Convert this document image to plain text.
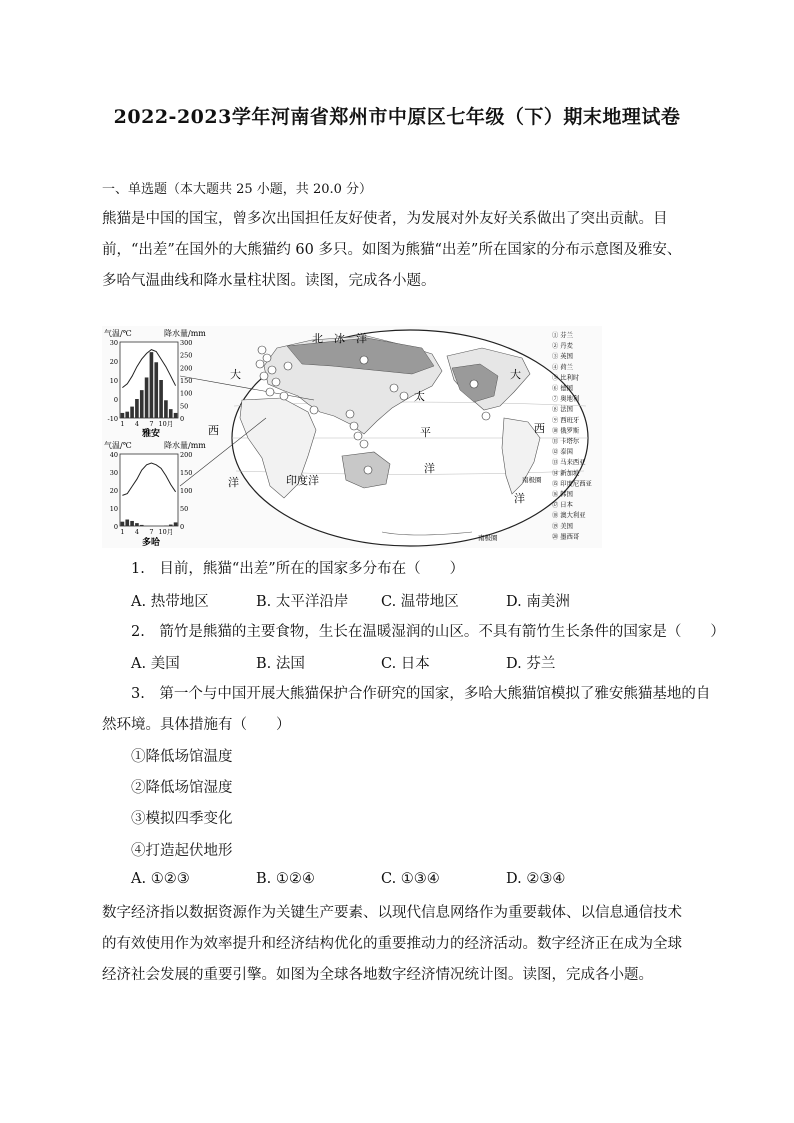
2022-2023学年河南省郑州市中原区七年级（下）期末地理试卷
一、单选题（本大题共 25 小题，共 20.0 分）
熊猫是中国的国宝，曾多次出国担任友好使者，为发展对外友好关系做出了突出贡献。目前，“出差”在国外的大熊猫约 60 多只。如图为熊猫“出差”所在国家的分布示意图及雅安、多哈气温曲线和降水量柱状图。读图，完成各小题。
气温/℃	降水量/mm
30
20
10
0
-10
300
250
200
150
100
50
0
1 4 7 10月
雅安
气温/℃	降水量/mm
40
30
20
10
0
200
150
100
50
0
1 4 7 10月
多哈
北　冰　洋
大
西
洋
太
平
洋
印度洋
大
西
洋
南极圈
南极圈
① 芬兰
② 丹麦
③ 英国
④ 荷兰
⑤ 比利时
⑥ 德国
⑦ 奥地利
⑧ 法国
⑨ 西班牙
⑩ 俄罗斯
⑪ 卡塔尔
⑫ 泰国
⑬ 马来西亚
⑭ 新加坡
⑮ 印度尼西亚
⑯ 韩国
⑰ 日本
⑱ 澳大利亚
⑲ 美国
⑳ 墨西哥
1.　目前，熊猫“出差”所在的国家多分布在（　　）
A. 热带地区	B. 太平洋沿岸 C. 温带地区	D. 南美洲
2.　箭竹是熊猫的主要食物，生长在温暖湿润的山区。不具有箭竹生长条件的国家是（　　）
A. 美国	B. 法国	C. 日本	D. 芬兰
3.　第一个与中国开展大熊猫保护合作研究的国家，多哈大熊猫馆模拟了雅安熊猫基地的自
然环境。具体措施有（　　）
①降低场馆温度
②降低场馆湿度
③模拟四季变化
④打造起伏地形
A. ①②③	B. ①②④	C. ①③④	D. ②③④
数字经济指以数据资源作为关键生产要素、以现代信息网络作为重要载体、以信息通信技术的有效使用作为效率提升和经济结构优化的重要推动力的经济活动。数字经济正在成为全球经济社会发展的重要引擎。如图为全球各地数字经济情况统计图。读图，完成各小题。
